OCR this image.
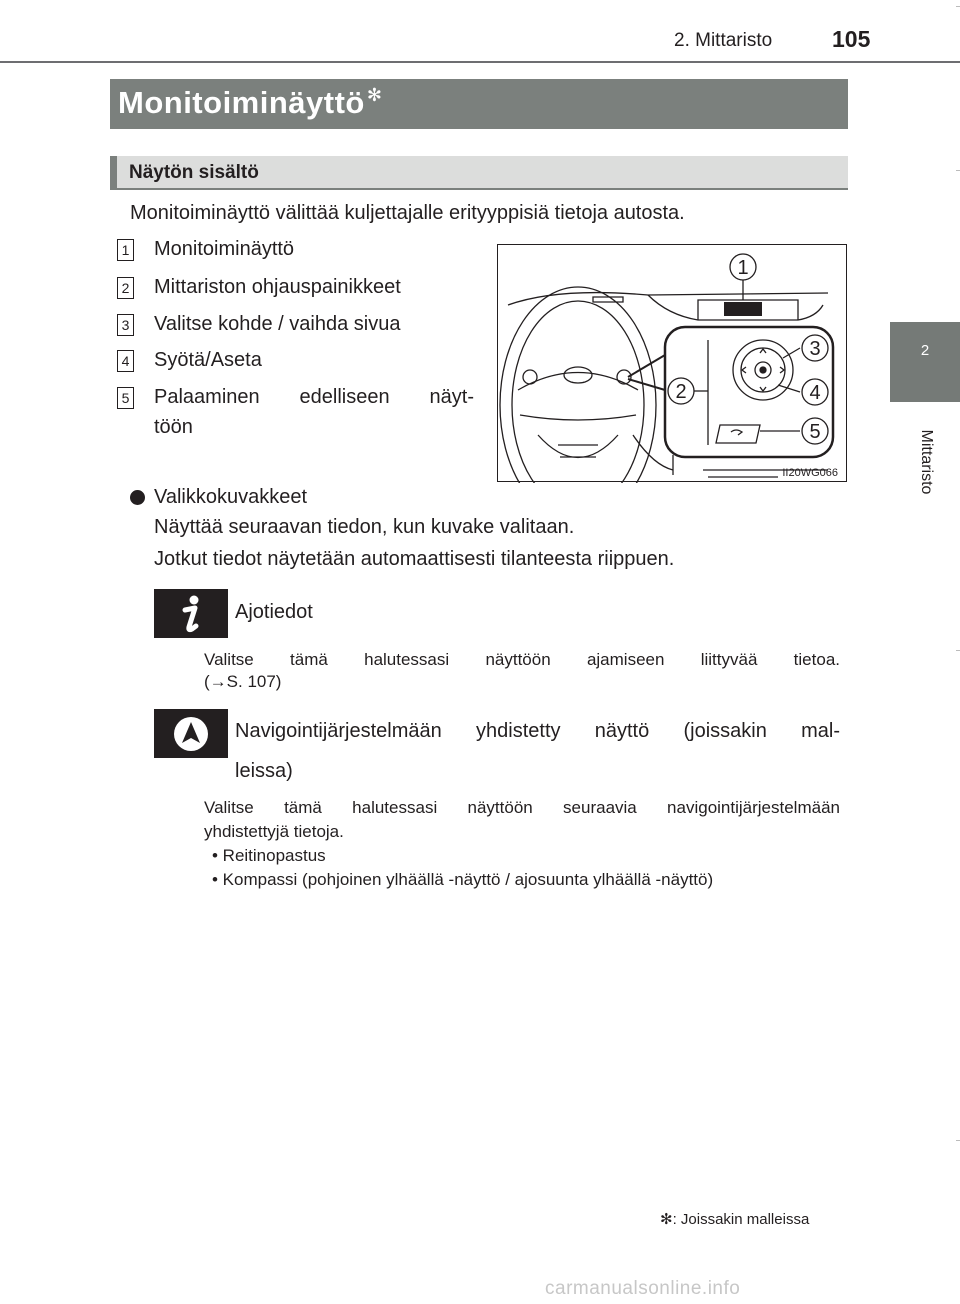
2. Mittaristo	105
2
Mittaristo
Monitoiminäyttö ✻
Näytön sisältö
Monitoiminäyttö välittää kuljettajalle erityyppisiä tietoja autosta.
1 Monitoiminäyttö
2 Mittariston ohjauspainikkeet
3 Valitse kohde / vaihda sivua
4 Syötä/Aseta
5 Palaaminen edelliseen näyt-
töön
1
2
3
4
5
II20WG066
Valikkokuvakkeet
Näyttää seuraavan tiedon, kun kuvake valitaan.
Jotkut tiedot näytetään automaattisesti tilanteesta riippuen.
Ajotiedot
Valitse tämä halutessasi näyttöön ajamiseen liittyvää tietoa.
(→S. 107)
Navigointijärjestelmään yhdistetty näyttö (joissakin mal-
leissa)
Valitse tämä halutessasi näyttöön seuraavia navigointijärjestelmään
yhdistettyjä tietoja.
• Reitinopastus
• Kompassi (pohjoinen ylhäällä -näyttö / ajosuunta ylhäällä -näyttö)
✻: Joissakin malleissa
carmanualsonline.info
